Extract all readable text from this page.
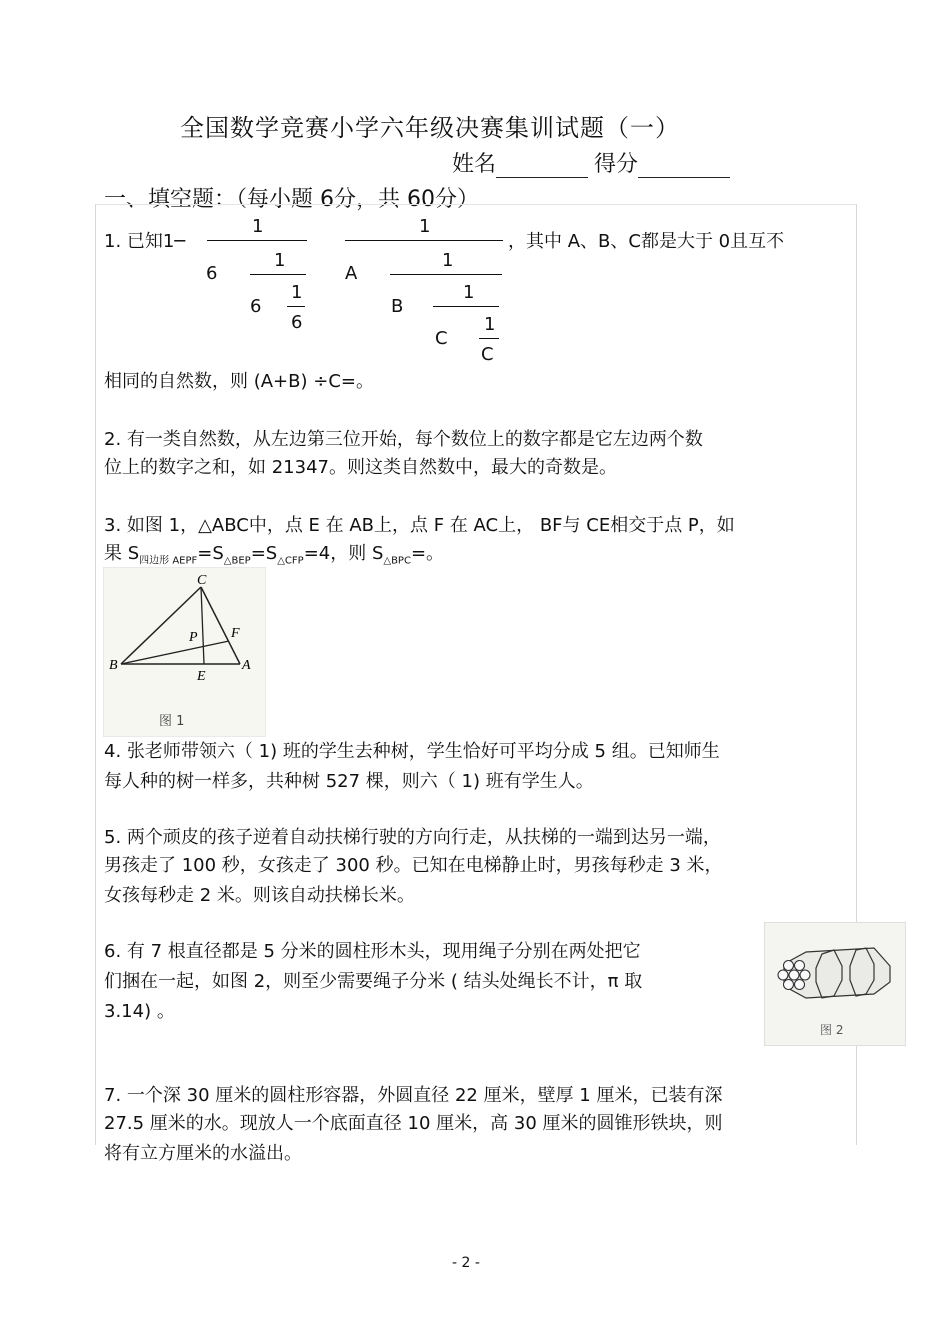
全国数学竞赛小学六年级决赛集训试题（一）
姓名	得分
一、填空题：（每小题 6分，共 60分）
1. 已知1─
1
6
1
6
1
6
1
A
1
B
1
C
1
C
，其中 A、B、C都是大于 0且互不
相同的自然数，则 (A+B) ÷C=。
2. 有一类自然数，从左边第三位开始，每个数位上的数字都是它左边两个数
位上的数字之和，如 21347。则这类自然数中，最大的奇数是。
3. 如图 1，△ABC中，点 E 在 AB上，点 F 在 AC上， BF与 CE相交于点 P，如
果 $S_{四边形 AEPF}=S_{\triangle BEP}=S_{\triangle CFP}=4$，则 $S_{\triangle BPC}=$。
C
P F
B
E
A
图 1
4. 张老师带领六（ 1) 班的学生去种树，学生恰好可平均分成 5 组。已知师生
每人种的树一样多，共种树 527 棵，则六（ 1) 班有学生人。
5. 两个顽皮的孩子逆着自动扶梯行驶的方向行走，从扶梯的一端到达另一端，
男孩走了 100 秒，女孩走了 300 秒。已知在电梯静止时，男孩每秒走 3 米，
女孩每秒走 2 米。则该自动扶梯长米。
6. 有 7 根直径都是 5 分米的圆柱形木头，现用绳子分别在两处把它
们捆在一起，如图 2，则至少需要绳子分米 ( 结头处绳长不计，π 取
3.14) 。
图 2
7. 一个深 30 厘米的圆柱形容器，外圆直径 22 厘米，壁厚 1 厘米，已装有深
27.5 厘米的水。现放人一个底面直径 10 厘米，高 30 厘米的圆锥形铁块，则
将有立方厘米的水溢出。
- 2 -
